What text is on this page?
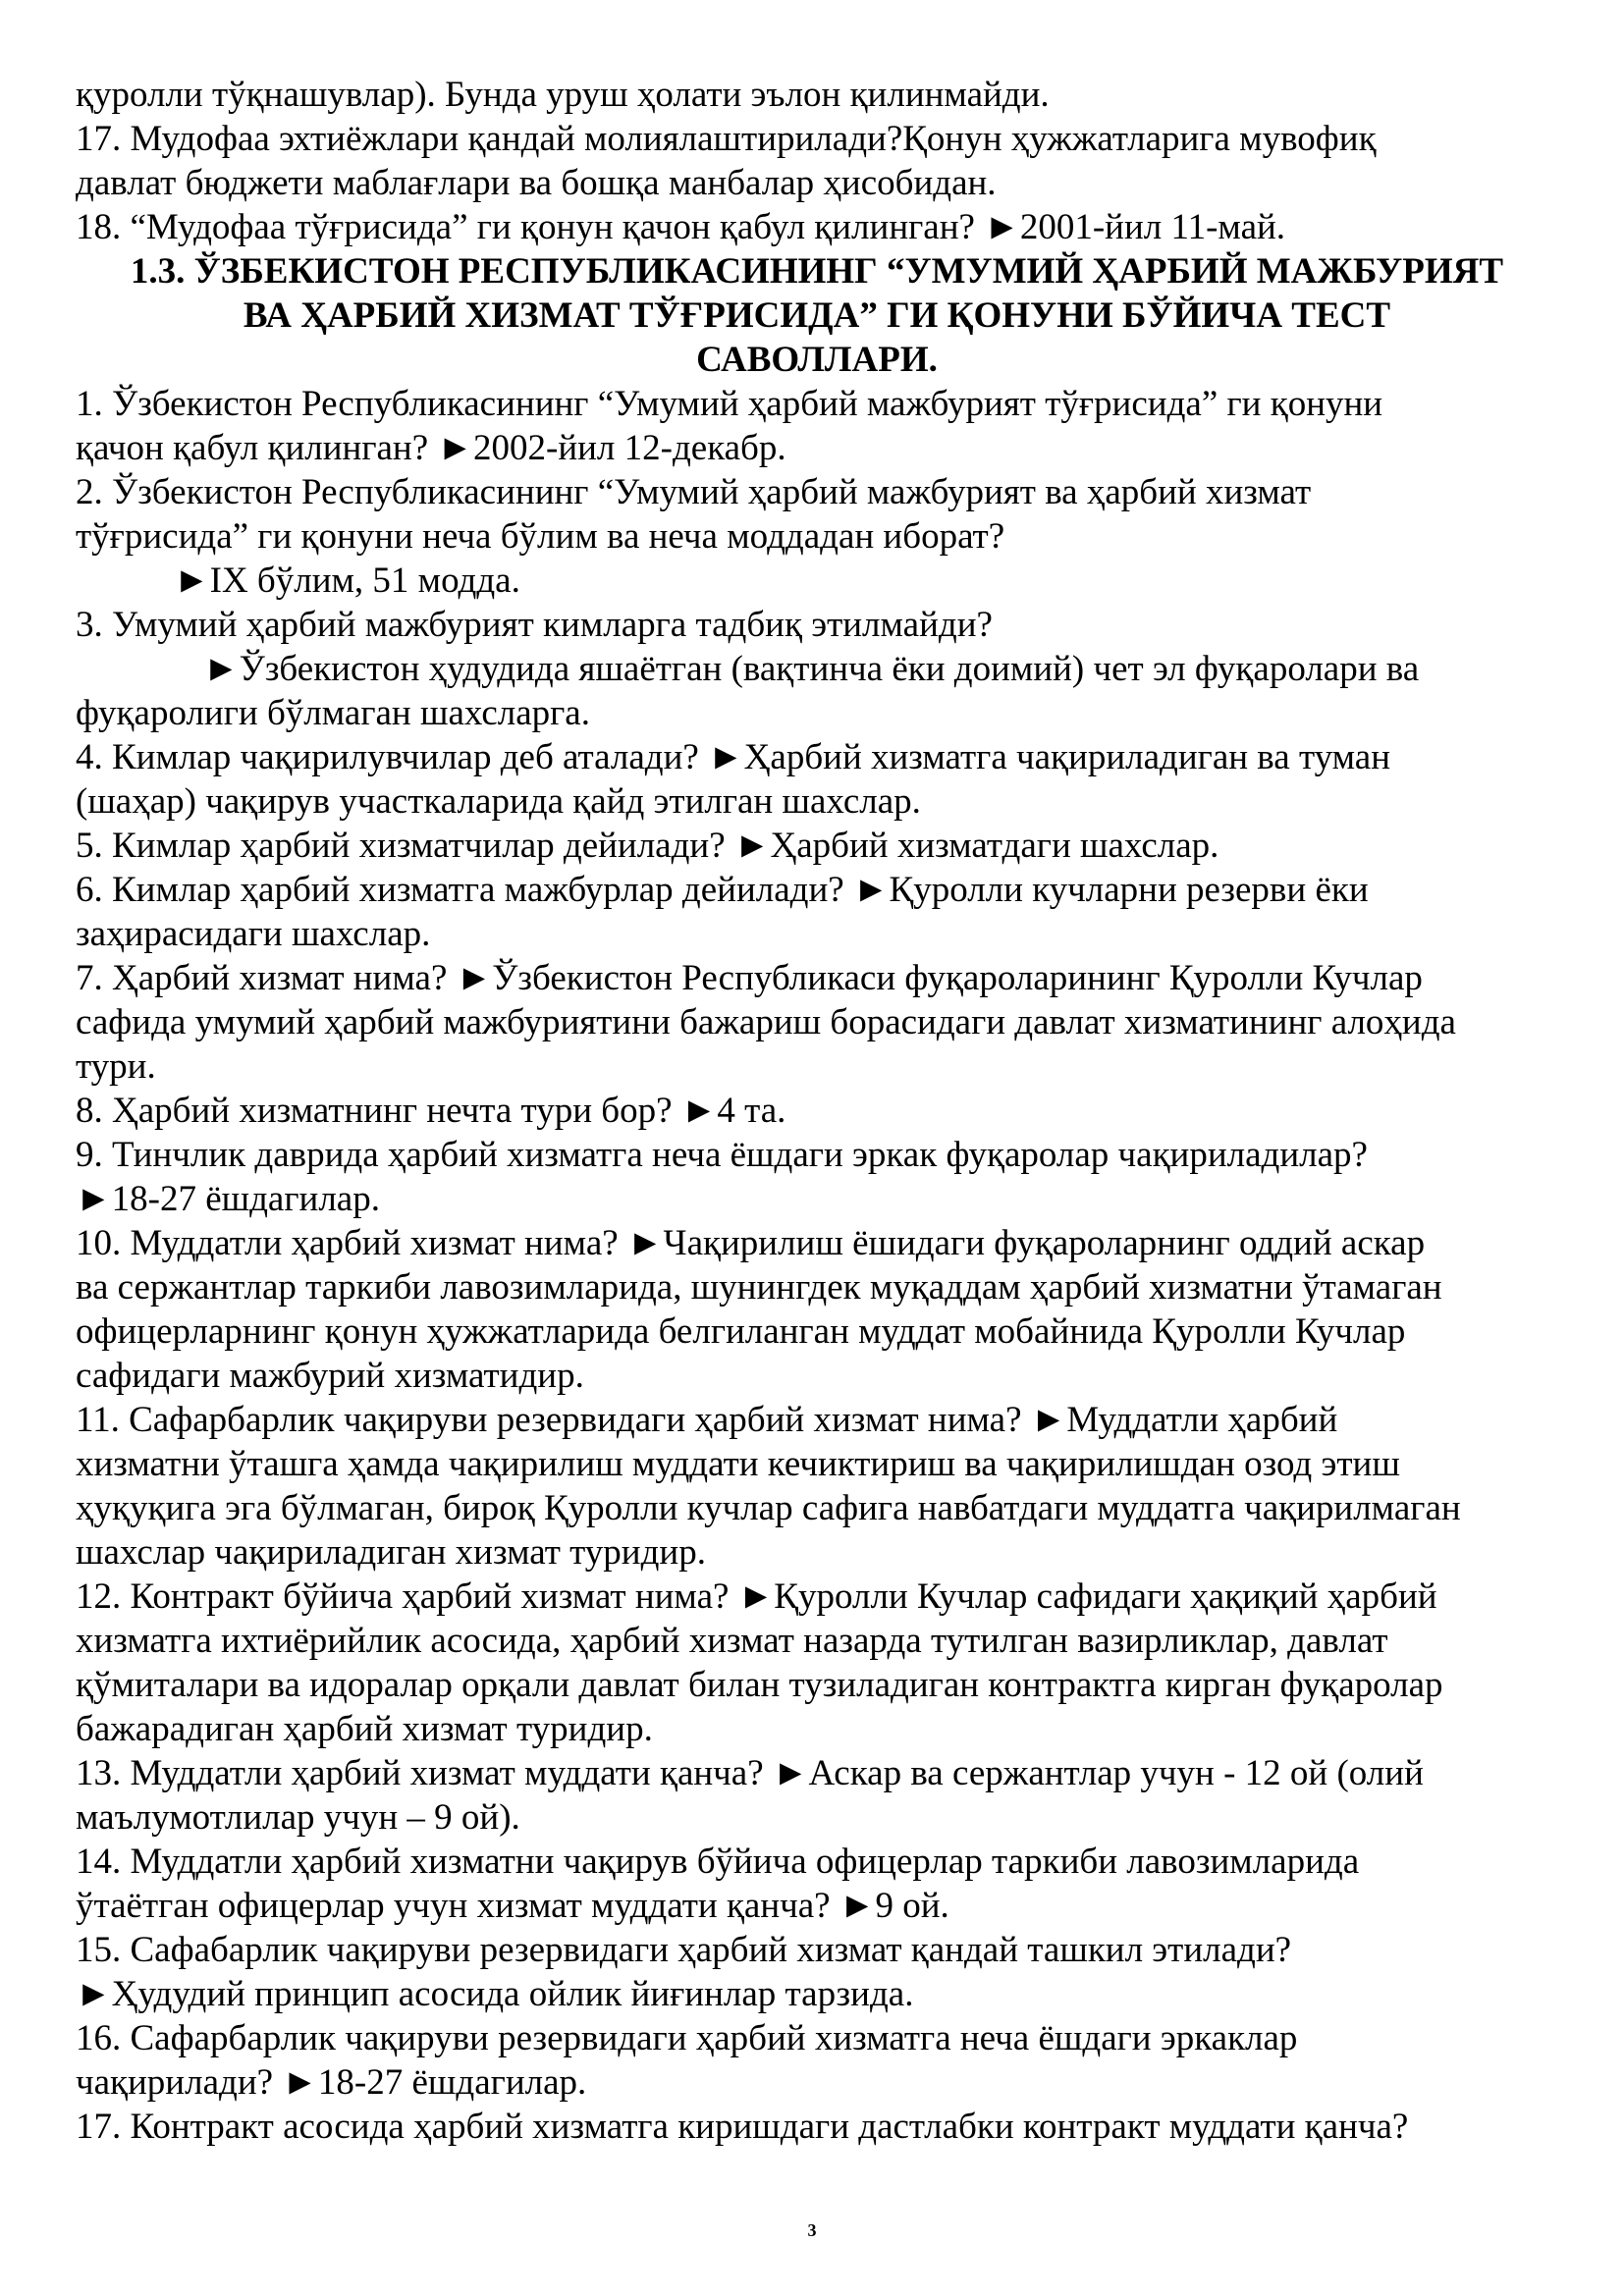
қуролли тўқнашувлар). Бунда уруш ҳолати эълон қилинмайди.
17. Мудофаа эхтиёжлари қандай молиялаштирилади?Қонун ҳужжатларига мувофиқ
давлат бюджети маблағлари ва бошқа манбалар ҳисобидан.
18. “Мудофаа тўғрисида” ги қонун қачон қабул қилинган? ►2001-йил 11-май.
1.3. ЎЗБЕКИСТОН РЕСПУБЛИКАСИНИНГ “УМУМИЙ ҲАРБИЙ МАЖБУРИЯТ
ВА ҲАРБИЙ ХИЗМАТ ТЎҒРИСИДА” ГИ ҚОНУНИ БЎЙИЧА ТЕСТ
САВОЛЛАРИ.
1. Ўзбекистон Республикасининг “Умумий ҳарбий мажбурият тўғрисида” ги қонуни
қачон қабул қилинган? ►2002-йил 12-декабр.
2. Ўзбекистон Республикасининг “Умумий ҳарбий мажбурият ва ҳарбий хизмат
тўғрисида” ги қонуни неча бўлим ва неча моддадан иборат?
►IX бўлим, 51 модда.
3. Умумий ҳарбий мажбурият кимларга тадбиқ этилмайди?
►Ўзбекистон ҳудудида яшаётган (вақтинча ёки доимий) чет эл фуқаролари ва
фуқаролиги бўлмаган шахсларга.
4. Кимлар чақирилувчилар деб аталади? ►Ҳарбий хизматга чақириладиган ва туман
(шаҳар) чақирув участкаларида қайд этилган шахслар.
5. Кимлар ҳарбий хизматчилар дейилади? ►Ҳарбий хизматдаги шахслар.
6. Кимлар ҳарбий хизматга мажбурлар дейилади? ►Қуролли кучларни резерви ёки
заҳирасидаги шахслар.
7. Ҳарбий хизмат нима? ►Ўзбекистон Республикаси фуқароларининг Қуролли Кучлар
сафида умумий ҳарбий мажбуриятини бажариш борасидаги давлат хизматининг алоҳида
тури.
8. Ҳарбий хизматнинг нечта тури бор? ►4 та.
9. Тинчлик даврида ҳарбий хизматга неча ёшдаги эркак фуқаролар чақириладилар?
►18-27 ёшдагилар.
10. Муддатли ҳарбий хизмат нима? ►Чақирилиш ёшидаги фуқароларнинг оддий аскар
ва сержантлар таркиби лавозимларида, шунингдек муқаддам ҳарбий хизматни ўтамаган
офицерларнинг қонун ҳужжатларида белгиланган муддат мобайнида Қуролли Кучлар
сафидаги мажбурий хизматидир.
11. Сафарбарлик чақируви резервидаги ҳарбий хизмат нима? ►Муддатли ҳарбий
хизматни ўташга ҳамда чақирилиш муддати кечиктириш ва чақирилишдан озод этиш
ҳуқуқига эга бўлмаган, бироқ Қуролли кучлар сафига навбатдаги муддатга чақирилмаган
шахслар чақириладиган хизмат туридир.
12. Контракт бўйича ҳарбий хизмат нима? ►Қуролли Кучлар сафидаги ҳақиқий ҳарбий
хизматга ихтиёрийлик асосида, ҳарбий хизмат назарда тутилган вазирликлар, давлат
қўмиталари ва идоралар орқали давлат билан тузиладиган контрактга кирган фуқаролар
бажарадиган ҳарбий хизмат туридир.
13. Муддатли ҳарбий хизмат муддати қанча? ►Аскар ва сержантлар учун - 12 ой (олий
маълумотлилар учун – 9 ой).
14. Муддатли ҳарбий хизматни чақирув бўйича офицерлар таркиби лавозимларида
ўтаётган офицерлар учун хизмат муддати қанча? ►9 ой.
15. Сафабарлик чақируви резервидаги ҳарбий хизмат қандай ташкил этилади?
►Ҳудудий принцип асосида ойлик йиғинлар тарзида.
16. Сафарбарлик чақируви резервидаги ҳарбий хизматга неча ёшдаги эркаклар
чақирилади? ►18-27 ёшдагилар.
17. Контракт асосида ҳарбий хизматга киришдаги дастлабки контракт муддати қанча?
3
